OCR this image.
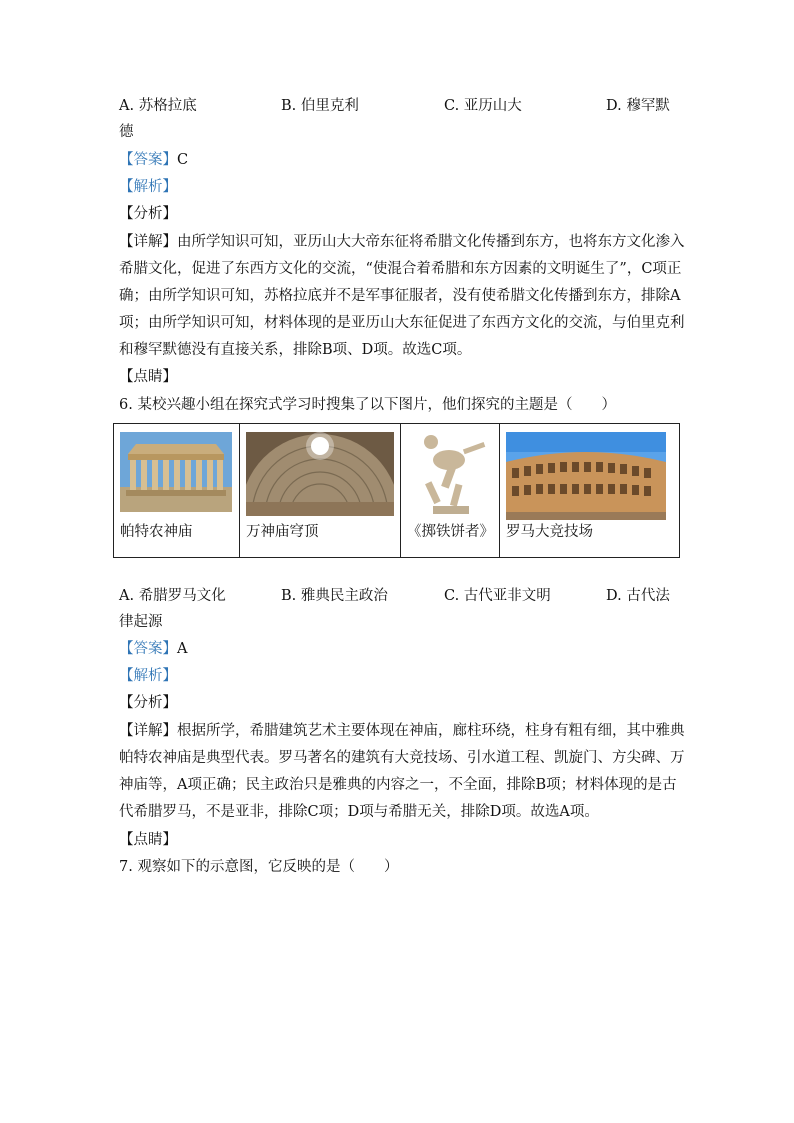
A. 苏格拉底	B. 伯里克利	C. 亚历山大	D. 穆罕默
德
【答案】C
【解析】
【分析】
【详解】由所学知识可知，亚历山大大帝东征将希腊文化传播到东方，也将东方文化渗入
希腊文化，促进了东西方文化的交流，“使混合着希腊和东方因素的文明诞生了”，C项正
确；由所学知识可知，苏格拉底并不是军事征服者，没有使希腊文化传播到东方，排除A
项；由所学知识可知，材料体现的是亚历山大东征促进了东西方文化的交流，与伯里克利
和穆罕默德没有直接关系，排除B项、D项。故选C项。
【点睛】
6. 某校兴趣小组在探究式学习时搜集了以下图片，他们探究的主题是（　　）
帕特农神庙	万神庙穹顶	《掷铁饼者》	罗马大竞技场
A. 希腊罗马文化	B. 雅典民主政治	C. 古代亚非文明	D. 古代法
律起源
【答案】A
【解析】
【分析】
【详解】根据所学，希腊建筑艺术主要体现在神庙，廊柱环绕，柱身有粗有细，其中雅典
帕特农神庙是典型代表。罗马著名的建筑有大竞技场、引水道工程、凯旋门、方尖碑、万
神庙等，A项正确；民主政治只是雅典的内容之一，不全面，排除B项；材料体现的是古
代希腊罗马，不是亚非，排除C项；D项与希腊无关，排除D项。故选A项。
【点睛】
7. 观察如下的示意图，它反映的是（　　）
